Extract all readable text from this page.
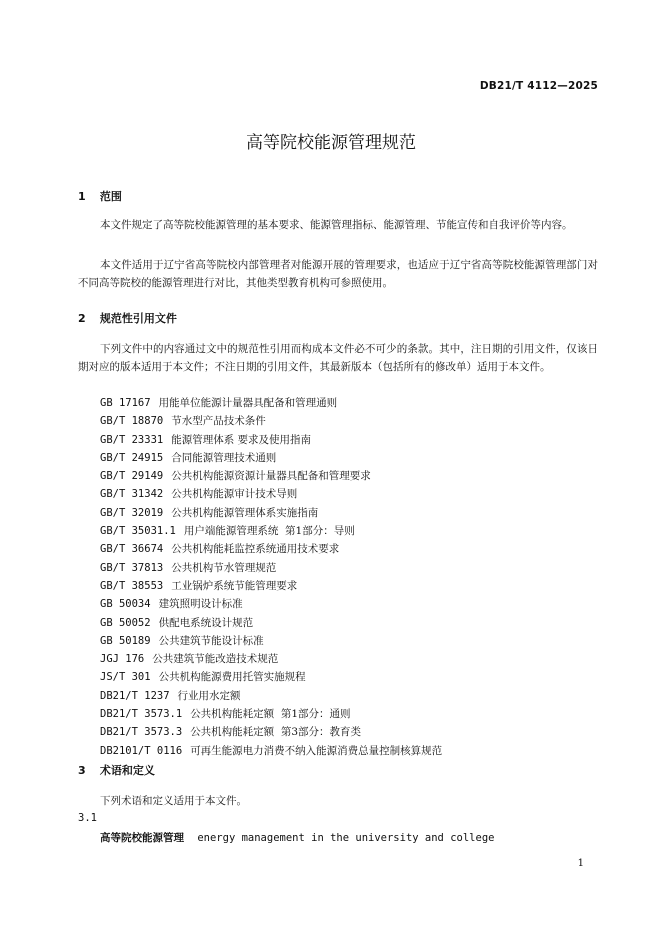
DB21/T 4112—2025
高等院校能源管理规范
1 范围

本文件规定了高等院校能源管理的基本要求、能源管理指标、能源管理、节能宣传和自我评价等内容。

本文件适用于辽宁省高等院校内部管理者对能源开展的管理要求，也适应于辽宁省高等院校能源管理部门对不同高等院校的能源管理进行对比，其他类型教育机构可参照使用。

2 规范性引用文件

下列文件中的内容通过文中的规范性引用而构成本文件必不可少的条款。其中，注日期的引用文件，仅该日期对应的版本适用于本文件；不注日期的引用文件，其最新版本（包括所有的修改单）适用于本文件。

GB 17167 用能单位能源计量器具配备和管理通则
GB/T 18870 节水型产品技术条件
GB/T 23331 能源管理体系 要求及使用指南
GB/T 24915 合同能源管理技术通则
GB/T 29149 公共机构能源资源计量器具配备和管理要求
GB/T 31342 公共机构能源审计技术导则
GB/T 32019 公共机构能源管理体系实施指南
GB/T 35031.1 用户端能源管理系统  第1部分：导则
GB/T 36674 公共机构能耗监控系统通用技术要求
GB/T 37813 公共机构节水管理规范
GB/T 38553 工业锅炉系统节能管理要求
GB 50034 建筑照明设计标准
GB 50052 供配电系统设计规范
GB 50189 公共建筑节能设计标准
JGJ 176 公共建筑节能改造技术规范
JS/T 301 公共机构能源费用托管实施规程
DB21/T 1237 行业用水定额
DB21/T 3573.1 公共机构能耗定额  第1部分：通则
DB21/T 3573.3 公共机构能耗定额  第3部分：教育类
DB2101/T 0116 可再生能源电力消费不纳入能源消费总量控制核算规范
3 术语和定义

下列术语和定义适用于本文件。

3.1
高等院校能源管理 energy management in the university and college
1
